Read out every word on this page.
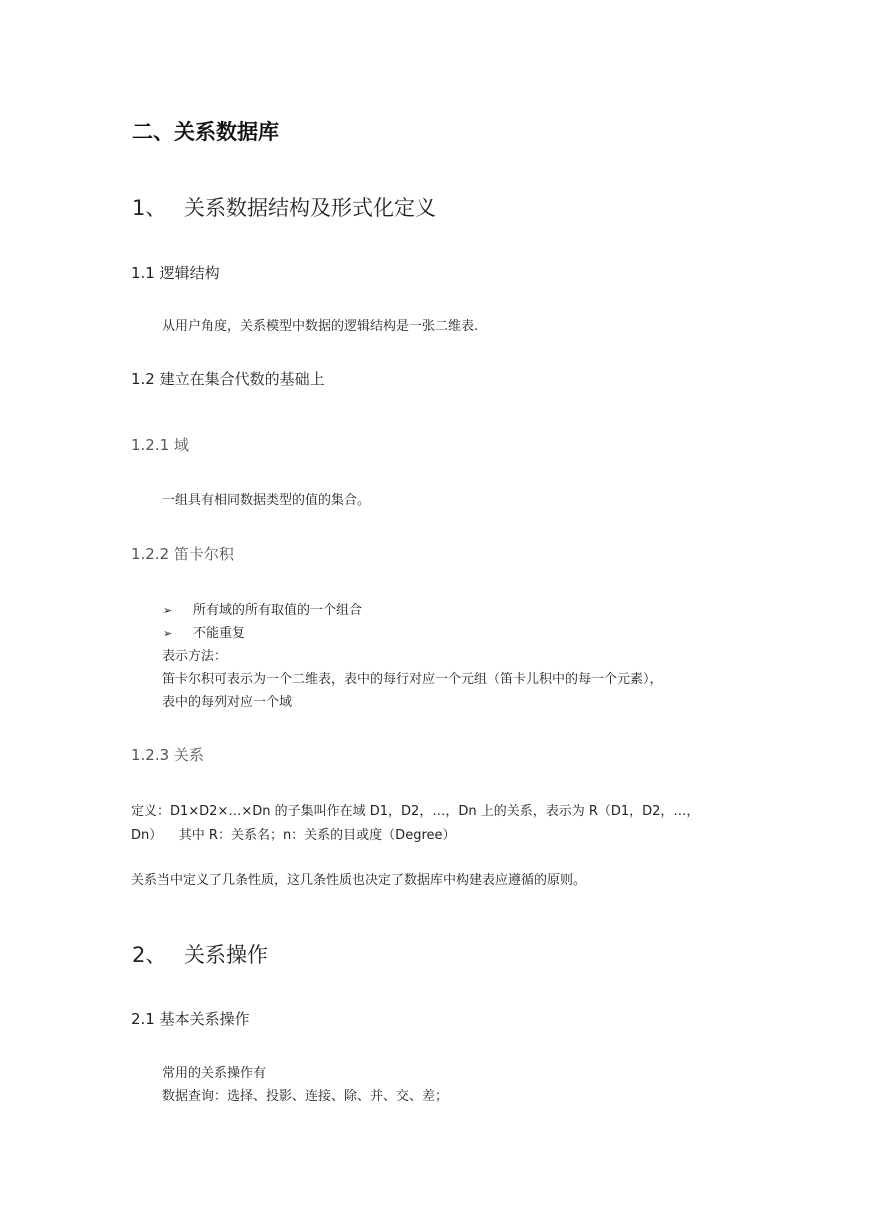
二、关系数据库
1、 关系数据结构及形式化定义
1.1 逻辑结构
从用户角度，关系模型中数据的逻辑结构是一张二维表.
1.2 建立在集合代数的基础上
1.2.1 域
一组具有相同数据类型的值的集合。
1.2.2 笛卡尔积
➢ 所有域的所有取值的一个组合
➢ 不能重复
表示方法：
笛卡尔积可表示为一个二维表，表中的每行对应一个元组（笛卡儿积中的每一个元素），
表中的每列对应一个域
1.2.3 关系
定义：D1×D2×…×Dn 的子集叫作在域 D1，D2，…，Dn 上的关系，表示为 R（D1，D2，…，
Dn）    其中 R：关系名；n：关系的目或度（Degree）
关系当中定义了几条性质，这几条性质也决定了数据库中构建表应遵循的原则。
2、 关系操作
2.1 基本关系操作
常用的关系操作有
数据查询：选择、投影、连接、除、并、交、差；
